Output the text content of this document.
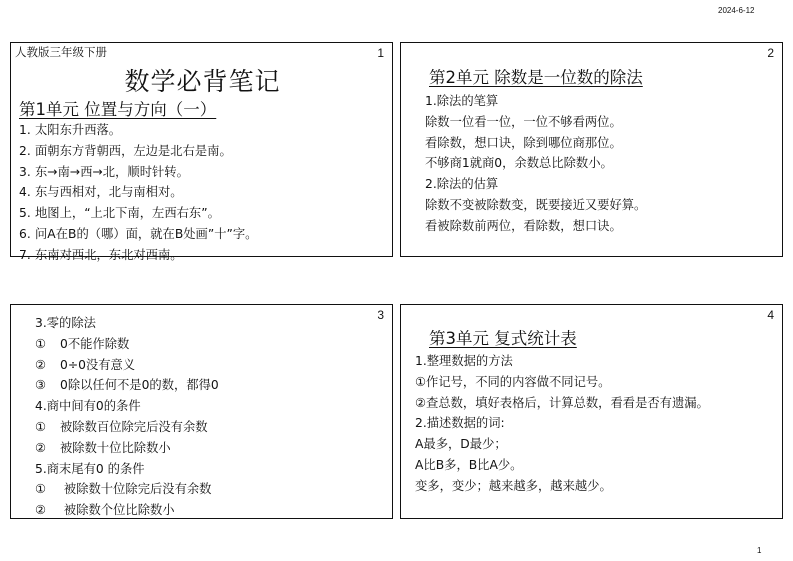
2024-6-12
1
人教版三年级下册
数学必背笔记
第1单元 位置与方向（一）
1. 太阳东升西落。
2. 面朝东方背朝西，左边是北右是南。
3. 东→南→西→北，顺时针转。
4. 东与西相对，北与南相对。
5. 地图上，“上北下南，左西右东”。
6. 问A在B的（哪）面，就在B处画”十”字。
7. 东南对西北，东北对西南。
2
第2单元 除数是一位数的除法
1.除法的笔算
除数一位看一位，一位不够看两位。
看除数，想口诀，除到哪位商那位。
不够商1就商0，余数总比除数小。
2.除法的估算
除数不变被除数变，既要接近又要好算。
看被除数前两位，看除数，想口诀。
3
3.零的除法
① 0不能作除数
② 0÷0没有意义
③ 0除以任何不是0的数，都得0
4.商中间有0的条件
① 被除数百位除完后没有余数
② 被除数十位比除数小
5.商末尾有0 的条件
① 被除数十位除完后没有余数
② 被除数个位比除数小
4
第3单元 复式统计表
1.整理数据的方法
①作记号，不同的内容做不同记号。
②查总数，填好表格后，计算总数，看看是否有遗漏。
2.描述数据的词:
A最多，D最少；
A比B多，B比A少。
变多，变少；越来越多，越来越少。
1
